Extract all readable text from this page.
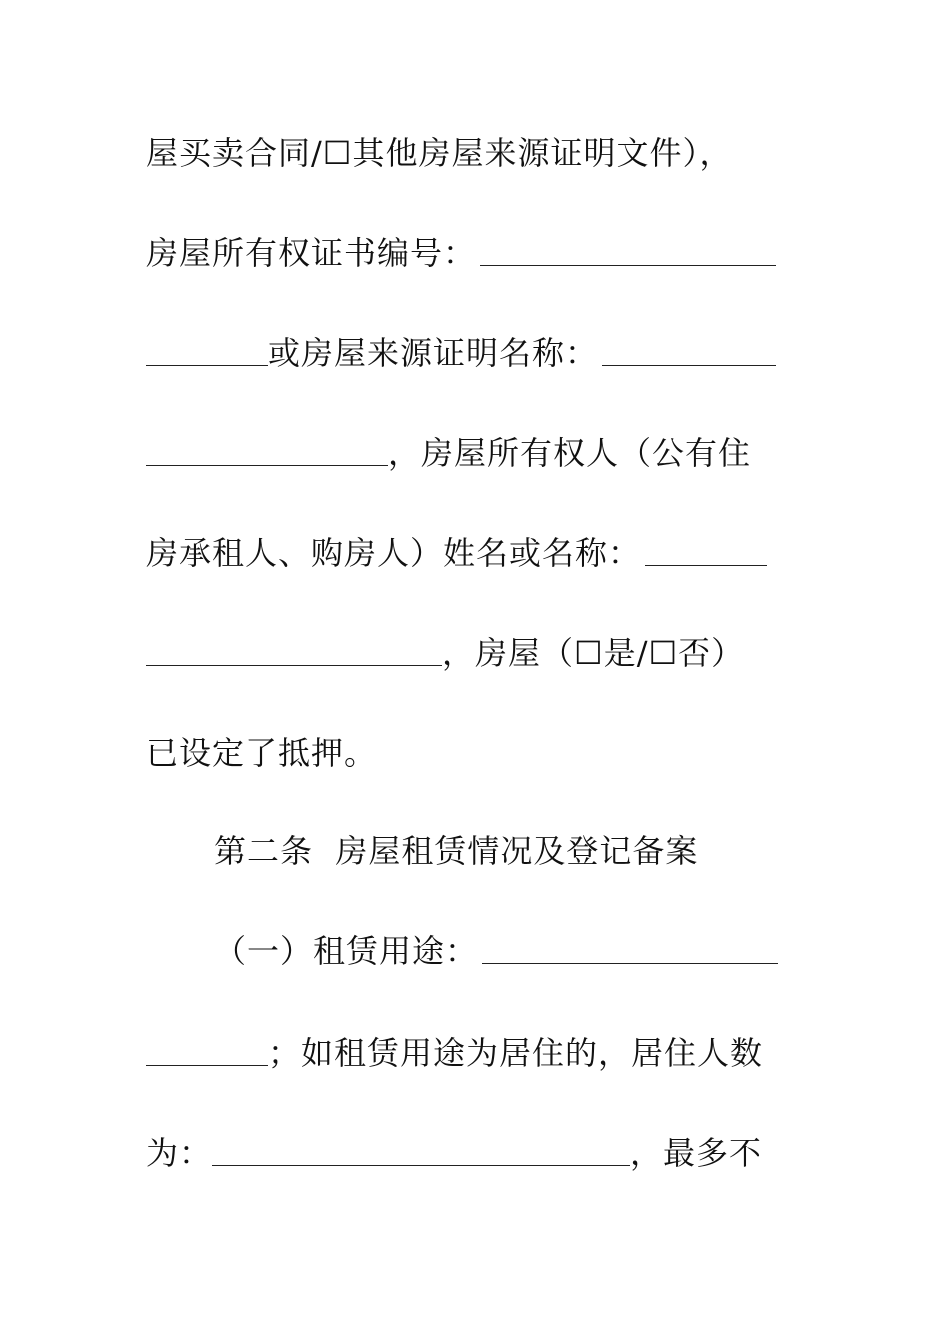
屋买卖合同/☐其他房屋来源证明文件），
房屋所有权证书编号：
或房屋来源证明名称：
，房屋所有权人（公有住
房承租人、购房人）姓名或名称：
，房屋（☐是/☐否）
已设定了抵押。
第二条  房屋租赁情况及登记备案
（一）租赁用途：
；如租赁用途为居住的，居住人数
为：	，最多不
